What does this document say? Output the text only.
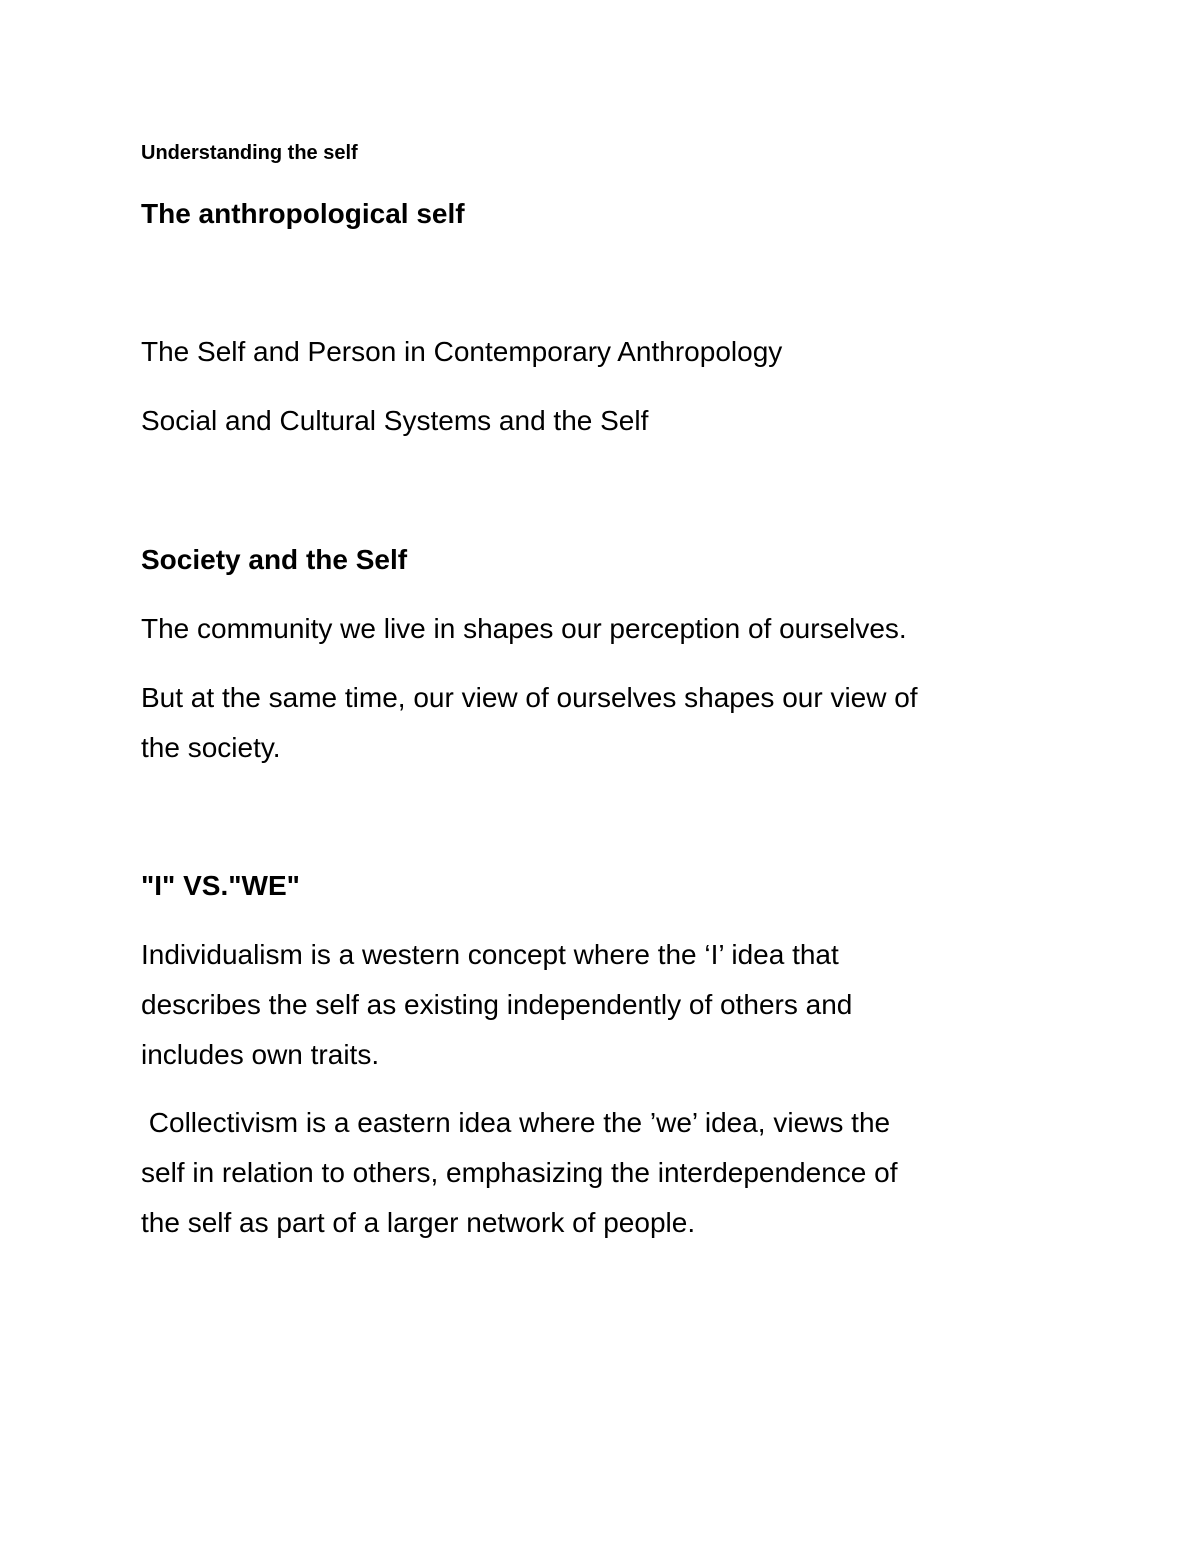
Understanding the self

The anthropological self

The Self and Person in Contemporary Anthropology

Social and Cultural Systems and the Self

Society and the Self

The community we live in shapes our perception of ourselves.

But at the same time, our view of ourselves shapes our view of

the society.

"I" VS."WE"

Individualism is a western concept where the ‘I’ idea that

describes the self as existing independently of others and

includes own traits.

Collectivism is a eastern idea where the ’we’ idea, views the

self in relation to others, emphasizing the interdependence of

the self as part of a larger network of people.
